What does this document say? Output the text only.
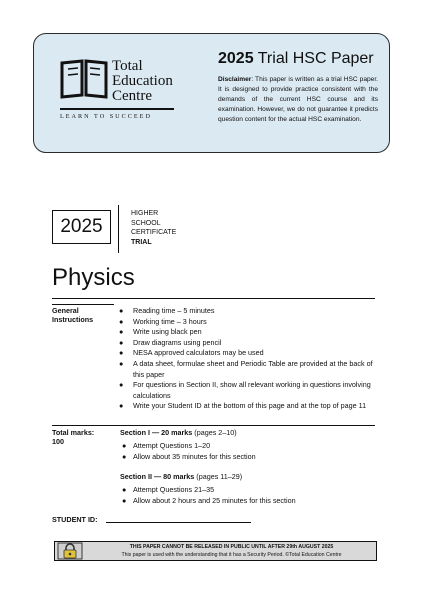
Total
Education
Centre
LEARN TO SUCCEED
2025 Trial HSC Paper
Disclaimer: This paper is written as a trial HSC paper. It is designed to provide practice consistent with the demands of the current HSC course and its examination. However, we do not guarantee it predicts question content for the actual HSC examination.
2025
HIGHER
SCHOOL
CERTIFICATE
TRIAL
Physics
General
Instructions
● Reading time – 5 minutes
● Working time – 3 hours
● Write using black pen
● Draw diagrams using pencil
● NESA approved calculators may be used
● A data sheet, formulae sheet and Periodic Table are provided at the back of this paper
● For questions in Section II, show all relevant working in questions involving calculations
● Write your Student ID at the bottom of this page and at the top of page 11
Total marks:
100
Section I — 20 marks (pages 2–10)
● Attempt Questions 1–20
● Allow about 35 minutes for this section
Section II — 80 marks (pages 11–29)
● Attempt Questions 21–35
● Allow about 2 hours and 25 minutes for this section
STUDENT ID:
THIS PAPER CANNOT BE RELEASED IN PUBLIC UNTIL AFTER 29th AUGUST 2025
This paper is used with the understanding that it has a Security Period. ©Total Education Centre
